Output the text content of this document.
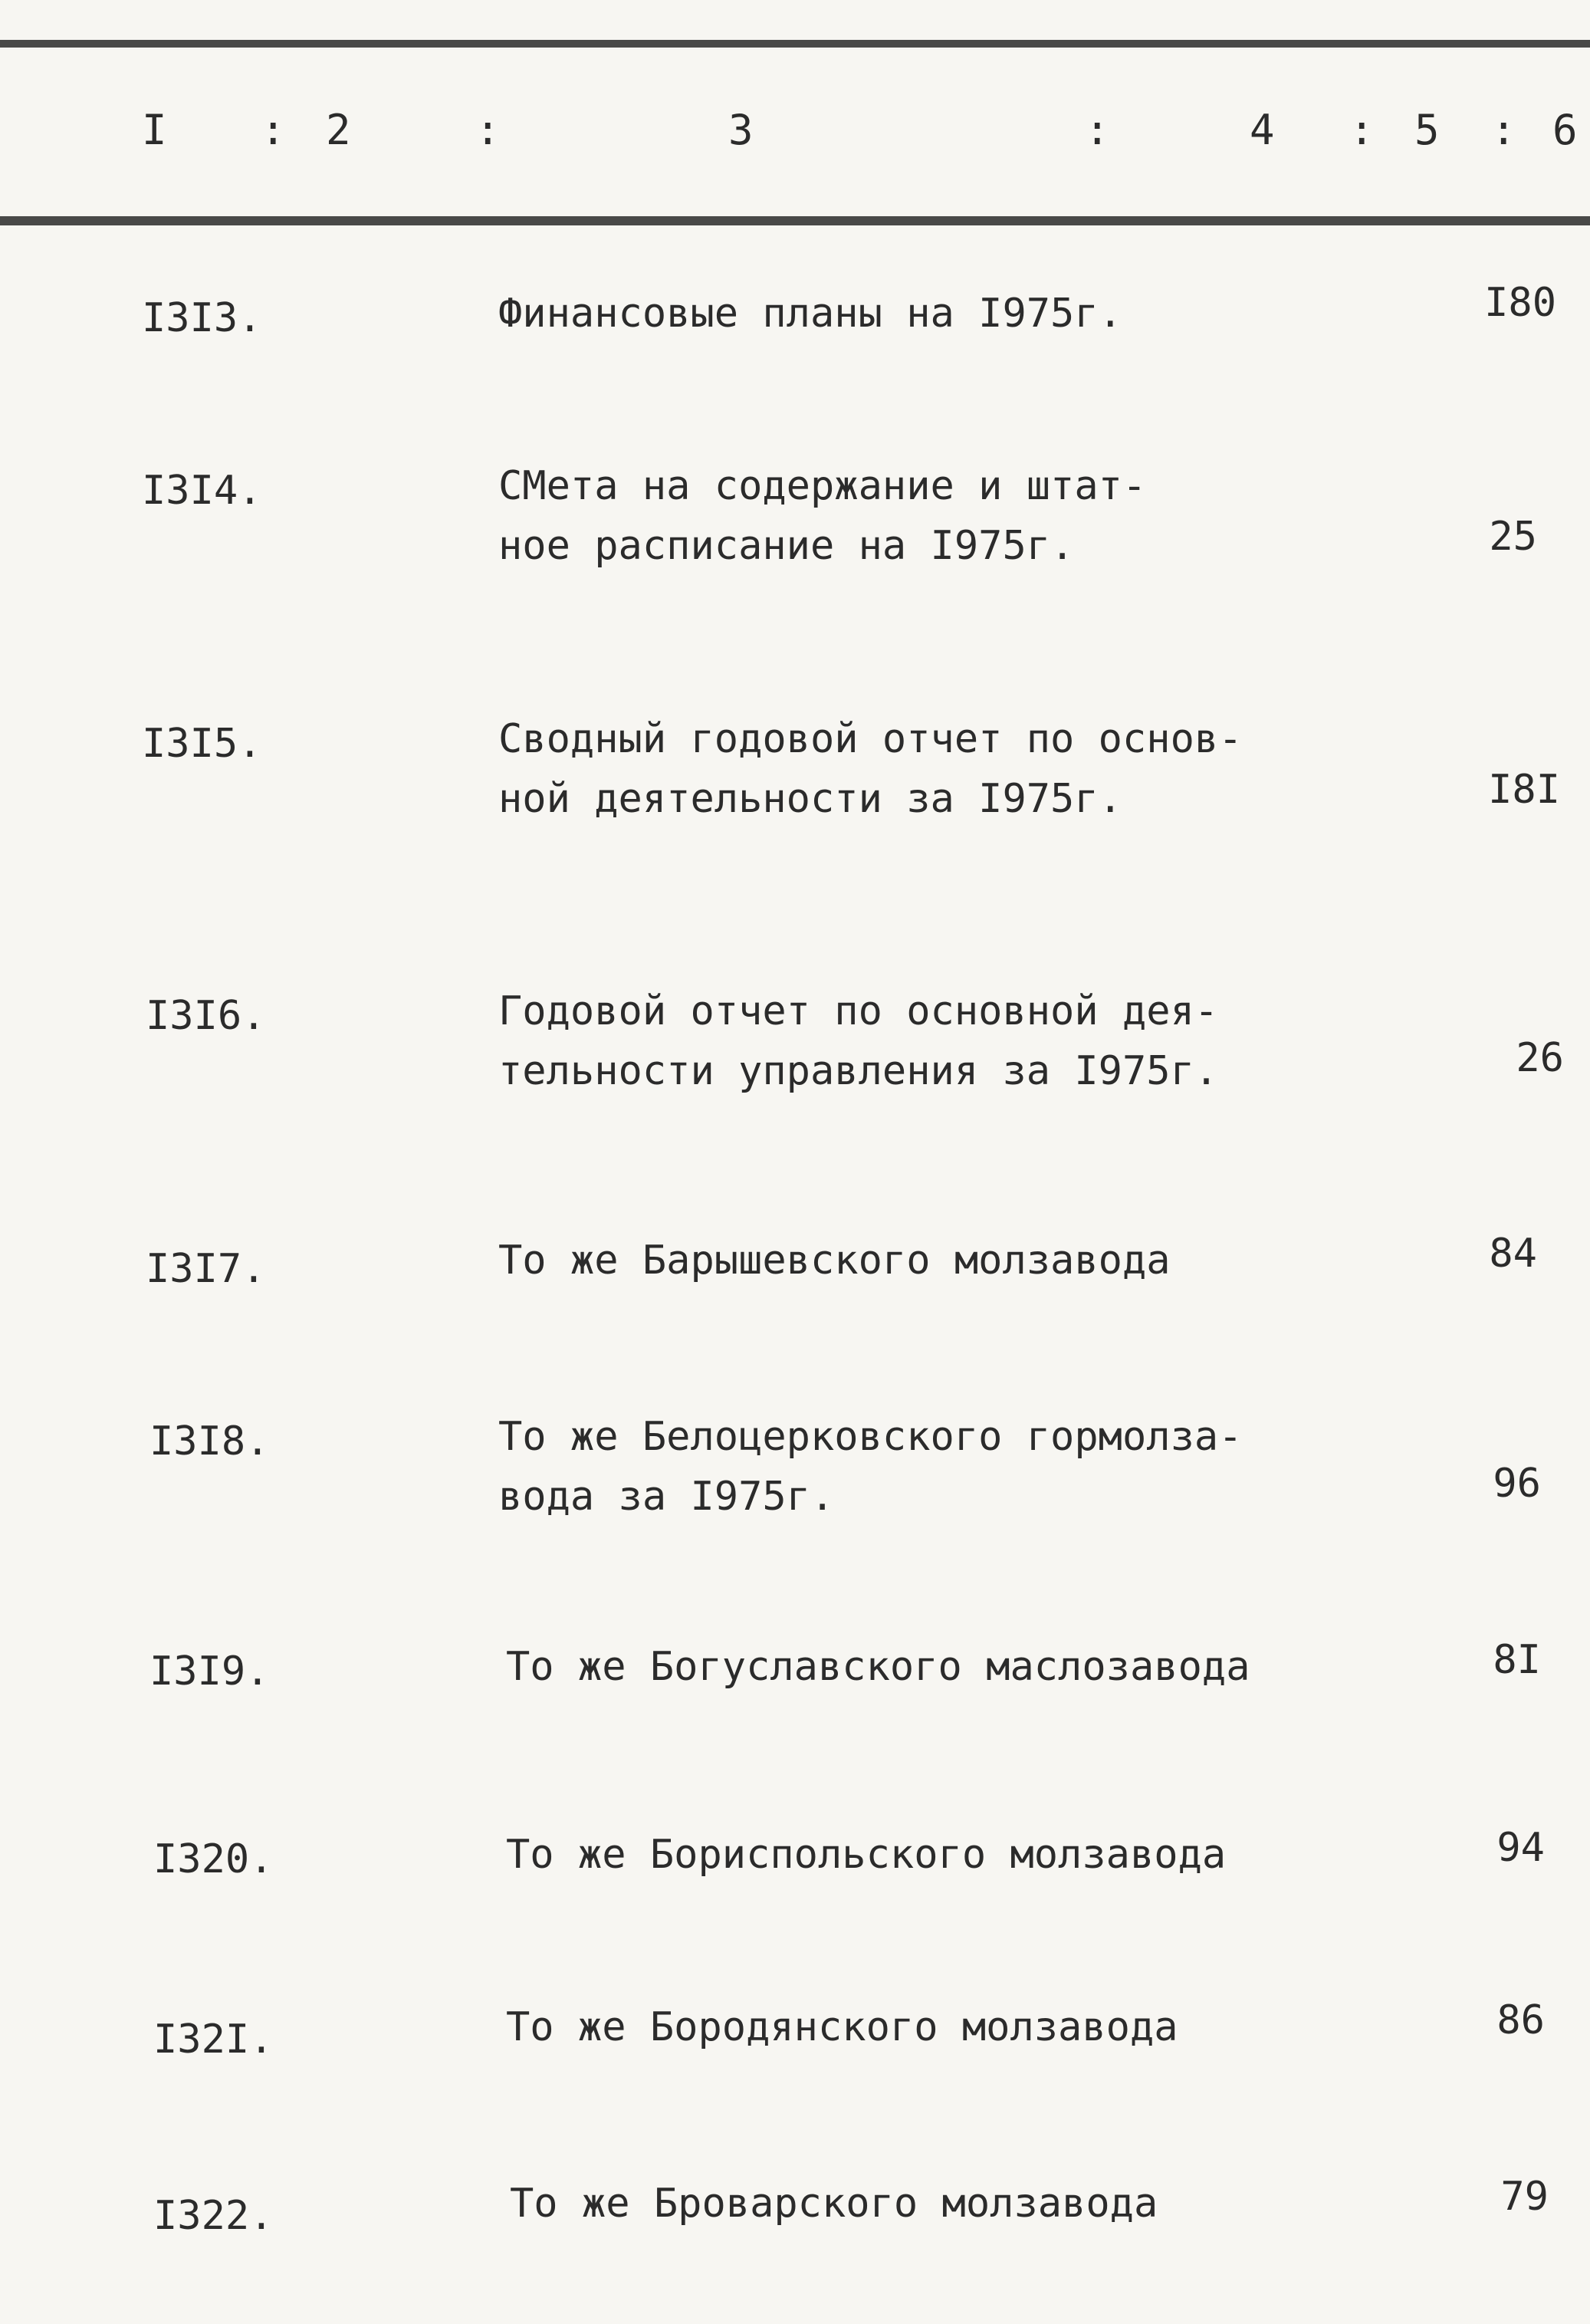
I : 2	:	3	:	4 : 5 : 6
I3I3.	Финансовые планы на I975г.	I80
I3I4.	СМета на содержание и штат-
ное расписание на I975г.	25
I3I5.	Сводный годовой отчет по основ-
ной деятельности за I975г.	I8I
I3I6.	Годовой отчет по основной дея-
тельности управления за I975г.	26
I3I7.	То же Барышевского молзавода	84
I3I8.	То же Белоцерковского гормолза-
вода за I975г.	96
I3I9.	То же Богуславского маслозавода	8I
I320.	То же Бориспольского молзавода	94
I32I.	То же Бородянского молзавода	86
I322.	То же Броварского молзавода	79
